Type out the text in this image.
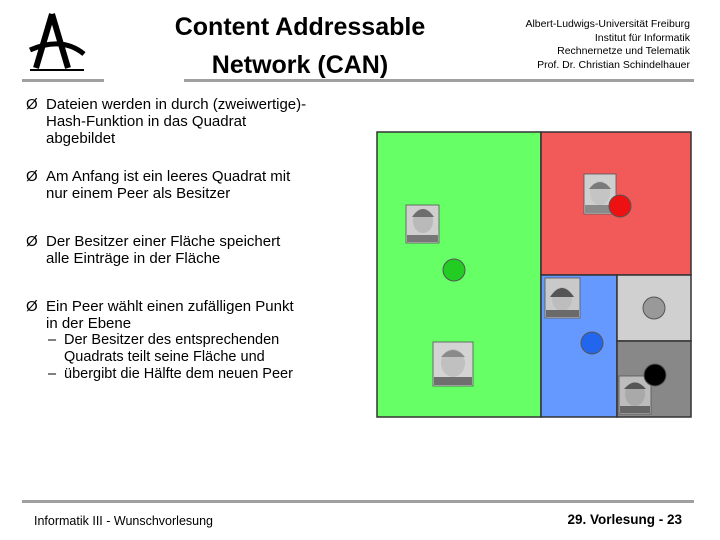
Content Addressable
Network (CAN)
Albert-Ludwigs-Universität Freiburg
Institut für Informatik
Rechnernetze und Telematik
Prof. Dr. Christian Schindelhauer
Ø Dateien werden in durch (zweiwertige)-
Hash-Funktion in das Quadrat
abgebildet
Ø Am Anfang ist ein leeres Quadrat mit
nur einem Peer als Besitzer
Ø Der Besitzer einer Fläche speichert
alle Einträge in der Fläche
Ø Ein Peer wählt einen zufälligen Punkt
in der Ebene
– Der Besitzer des entsprechenden
Quadrats teilt seine Fläche und
– übergibt die Hälfte dem neuen Peer
Informatik III - Wunschvorlesung	29. Vorlesung - 23
